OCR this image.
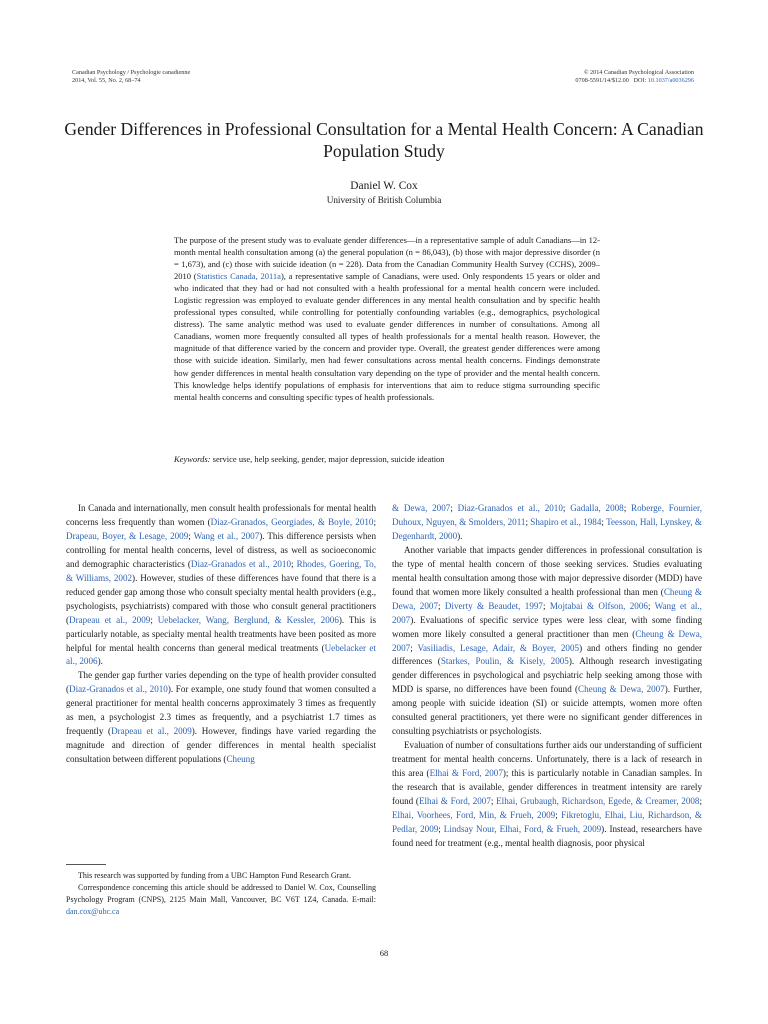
Canadian Psychology / Psychologie canadienne
2014, Vol. 55, No. 2, 68–74
© 2014 Canadian Psychological Association
0708-5591/14/$12.00 DOI: 10.1037/a0036296
Gender Differences in Professional Consultation for a Mental Health Concern: A Canadian Population Study
Daniel W. Cox
University of British Columbia
The purpose of the present study was to evaluate gender differences—in a representative sample of adult Canadians—in 12-month mental health consultation among (a) the general population (n = 86,043), (b) those with major depressive disorder (n = 1,673), and (c) those with suicide ideation (n = 228). Data from the Canadian Community Health Survey (CCHS), 2009–2010 (Statistics Canada, 2011a), a representative sample of Canadians, were used. Only respondents 15 years or older and who indicated that they had or had not consulted with a health professional for a mental health concern were included. Logistic regression was employed to evaluate gender differences in any mental health consultation and by specific health professional types consulted, while controlling for potentially confounding variables (e.g., demographics, psychological distress). The same analytic method was used to evaluate gender differences in number of consultations. Among all Canadians, women more frequently consulted all types of health professionals for a mental health reason. However, the magnitude of that difference varied by the concern and provider type. Overall, the greatest gender differences were among those with suicide ideation. Similarly, men had fewer consultations across mental health concerns. Findings demonstrate how gender differences in mental health consultation vary depending on the type of provider and the mental health concern. This knowledge helps identify populations of emphasis for interventions that aim to reduce stigma surrounding specific mental health concerns and consulting specific types of health professionals.
Keywords: service use, help seeking, gender, major depression, suicide ideation

In Canada and internationally, men consult health professionals for mental health concerns less frequently than women (Diaz-Granados, Georgiades, & Boyle, 2010; Drapeau, Boyer, & Lesage, 2009; Wang et al., 2007). This difference persists when controlling for mental health concerns, level of distress, as well as socioeconomic and demographic characteristics (Diaz-Granados et al., 2010; Rhodes, Goering, To, & Williams, 2002). However, studies of these differences have found that there is a reduced gender gap among those who consult specialty mental health providers (e.g., psychologists, psychiatrists) compared with those who consult general practitioners (Drapeau et al., 2009; Uebelacker, Wang, Berglund, & Kessler, 2006). This is particularly notable, as specialty mental health treatments have been posited as more helpful for mental health concerns than general medical treatments (Uebelacker et al., 2006).

The gender gap further varies depending on the type of health provider consulted (Diaz-Granados et al., 2010). For example, one study found that women consulted a general practitioner for mental health concerns approximately 3 times as frequently as men, a psychologist 2.3 times as frequently, and a psychiatrist 1.7 times as frequently (Drapeau et al., 2009). However, findings have varied regarding the magnitude and direction of gender differences in mental health specialist consultation between different populations (Cheung

& Dewa, 2007; Diaz-Granados et al., 2010; Gadalla, 2008; Roberge, Fournier, Duhoux, Nguyen, & Smolders, 2011; Shapiro et al., 1984; Teesson, Hall, Lynskey, & Degenhardt, 2000).

Another variable that impacts gender differences in professional consultation is the type of mental health concern of those seeking services. Studies evaluating mental health consultation among those with major depressive disorder (MDD) have found that women more likely consulted a health professional than men (Cheung & Dewa, 2007; Diverty & Beaudet, 1997; Mojtabai & Olfson, 2006; Wang et al., 2007). Evaluations of specific service types were less clear, with some finding women more likely consulted a general practitioner than men (Cheung & Dewa, 2007; Vasiliadis, Lesage, Adair, & Boyer, 2005) and others finding no gender differences (Starkes, Poulin, & Kisely, 2005). Although research investigating gender differences in psychological and psychiatric help seeking among those with MDD is sparse, no differences have been found (Cheung & Dewa, 2007). Further, among people with suicide ideation (SI) or suicide attempts, women more often consulted general practitioners, yet there were no significant gender differences in consulting psychiatrists or psychologists.

Evaluation of number of consultations further aids our understanding of sufficient treatment for mental health concerns. Unfortunately, there is a lack of research in this area (Elhai & Ford, 2007); this is particularly notable in Canadian samples. In the research that is available, gender differences in treatment intensity are rarely found (Elhai & Ford, 2007; Elhai, Grubaugh, Richardson, Egede, & Creamer, 2008; Elhai, Voorhees, Ford, Min, & Frueh, 2009; Fikretoglu, Elhai, Liu, Richardson, & Pedlar, 2009; Lindsay Nour, Elhai, Ford, & Frueh, 2009). Instead, researchers have found need for treatment (e.g., mental health diagnosis, poor physical

This research was supported by funding from a UBC Hampton Fund Research Grant.

Correspondence concerning this article should be addressed to Daniel W. Cox, Counselling Psychology Program (CNPS), 2125 Main Mall, Vancouver, BC V6T 1Z4, Canada. E-mail: dan.cox@ubc.ca

68
